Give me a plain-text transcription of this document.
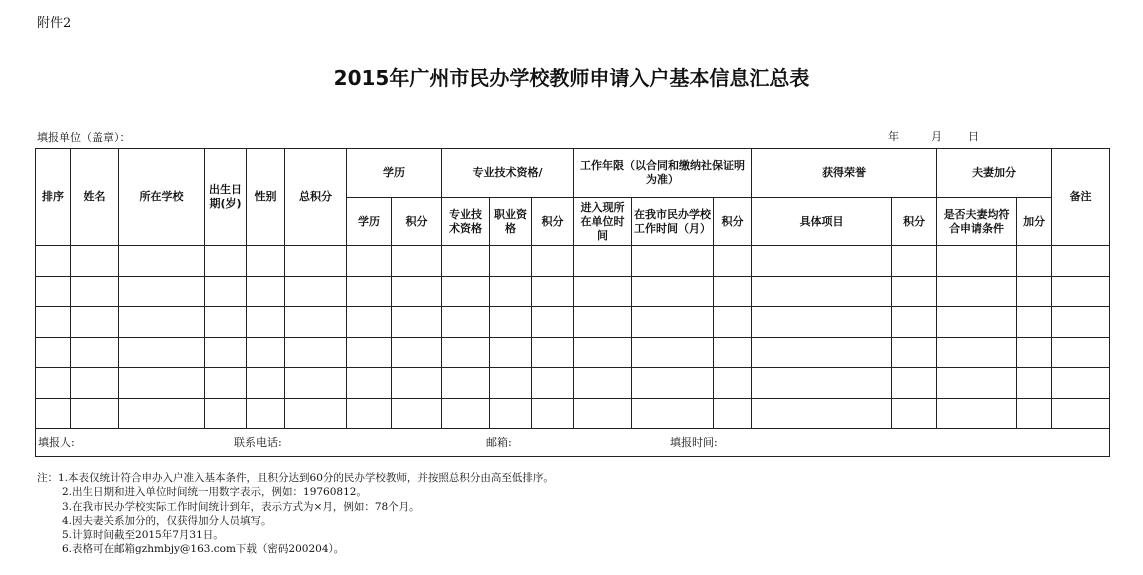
附件2
2015年广州市民办学校教师申请入户基本信息汇总表
填报单位（盖章）：	年	月 日
排序	姓名	所在学校	出生日期(岁)	性别	总积分	学历		专业技术资格/			工作年限（以合同和缴纳社保证明为准）			获得荣誉		夫妻加分		备注
						学历	积分	专业技术资格	职业资格	积分	进入现所在单位时间	在我市民办学校工作时间（月）	积分	具体项目	积分	是否夫妻均符合申请条件	加分	

填报人: 联系电话: 邮箱: 填报时间:																		
注：1.本表仅统计符合申办入户准入基本条件，且积分达到60分的民办学校教师，并按照总积分由高至低排序。
2.出生日期和进入单位时间统一用数字表示，例如：19760812。
3.在我市民办学校实际工作时间统计到年，表示方式为×月，例如：78个月。
4.因夫妻关系加分的，仅获得加分人员填写。
5.计算时间截至2015年7月31日。
6.表格可在邮箱gzhmbjy@163.com下载（密码200204）。
